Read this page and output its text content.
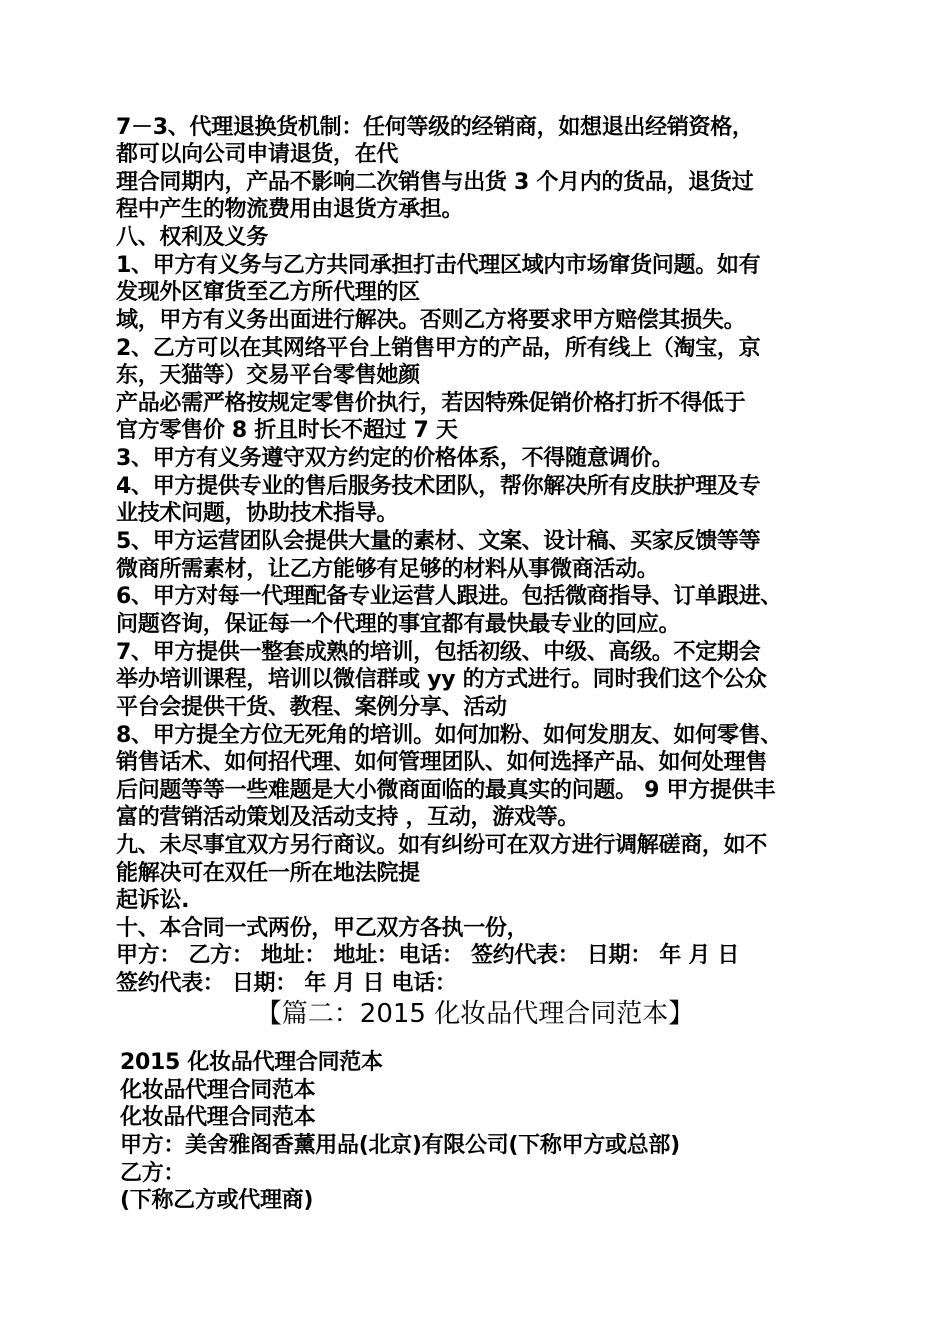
7－3、代理退换货机制：任何等级的经销商，如想退出经销资格，
都可以向公司申请退货，在代
理合同期内，产品不影响二次销售与出货 3 个月内的货品，退货过
程中产生的物流费用由退货方承担。
八、权利及义务
1、甲方有义务与乙方共同承担打击代理区域内市场窜货问题。如有
发现外区窜货至乙方所代理的区
域，甲方有义务出面进行解决。否则乙方将要求甲方赔偿其损失。
2、乙方可以在其网络平台上销售甲方的产品，所有线上（淘宝，京
东，天猫等）交易平台零售她颜
产品必需严格按规定零售价执行，若因特殊促销价格打折不得低于
官方零售价 8 折且时长不超过 7 天
3、甲方有义务遵守双方约定的价格体系，不得随意调价。
4、甲方提供专业的售后服务技术团队，帮你解决所有皮肤护理及专
业技术问题，协助技术指导。
5、甲方运营团队会提供大量的素材、文案、设计稿、买家反馈等等
微商所需素材，让乙方能够有足够的材料从事微商活动。
6、甲方对每一代理配备专业运营人跟进。包括微商指导、订单跟进、
问题咨询，保证每一个代理的事宜都有最快最专业的回应。
7、甲方提供一整套成熟的培训，包括初级、中级、高级。不定期会
举办培训课程，培训以微信群或 yy 的方式进行。同时我们这个公众
平台会提供干货、教程、案例分享、活动
8、甲方提全方位无死角的培训。如何加粉、如何发朋友、如何零售、
销售话术、如何招代理、如何管理团队、如何选择产品、如何处理售
后问题等等一些难题是大小微商面临的最真实的问题。 9 甲方提供丰
富的营销活动策划及活动支持 ，互动，游戏等。
九、未尽事宜双方另行商议。如有纠纷可在双方进行调解磋商，如不
能解决可在双任一所在地法院提
起诉讼.
十、本合同一式两份，甲乙双方各执一份，
甲方： 乙方： 地址： 地址：电话： 签约代表： 日期： 年 月 日
签约代表： 日期： 年 月 日 电话：
【篇二：2015 化妆品代理合同范本】
2015 化妆品代理合同范本
化妆品代理合同范本
化妆品代理合同范本
甲方：美舍雅阁香薰用品(北京)有限公司(下称甲方或总部)
乙方：
(下称乙方或代理商)
